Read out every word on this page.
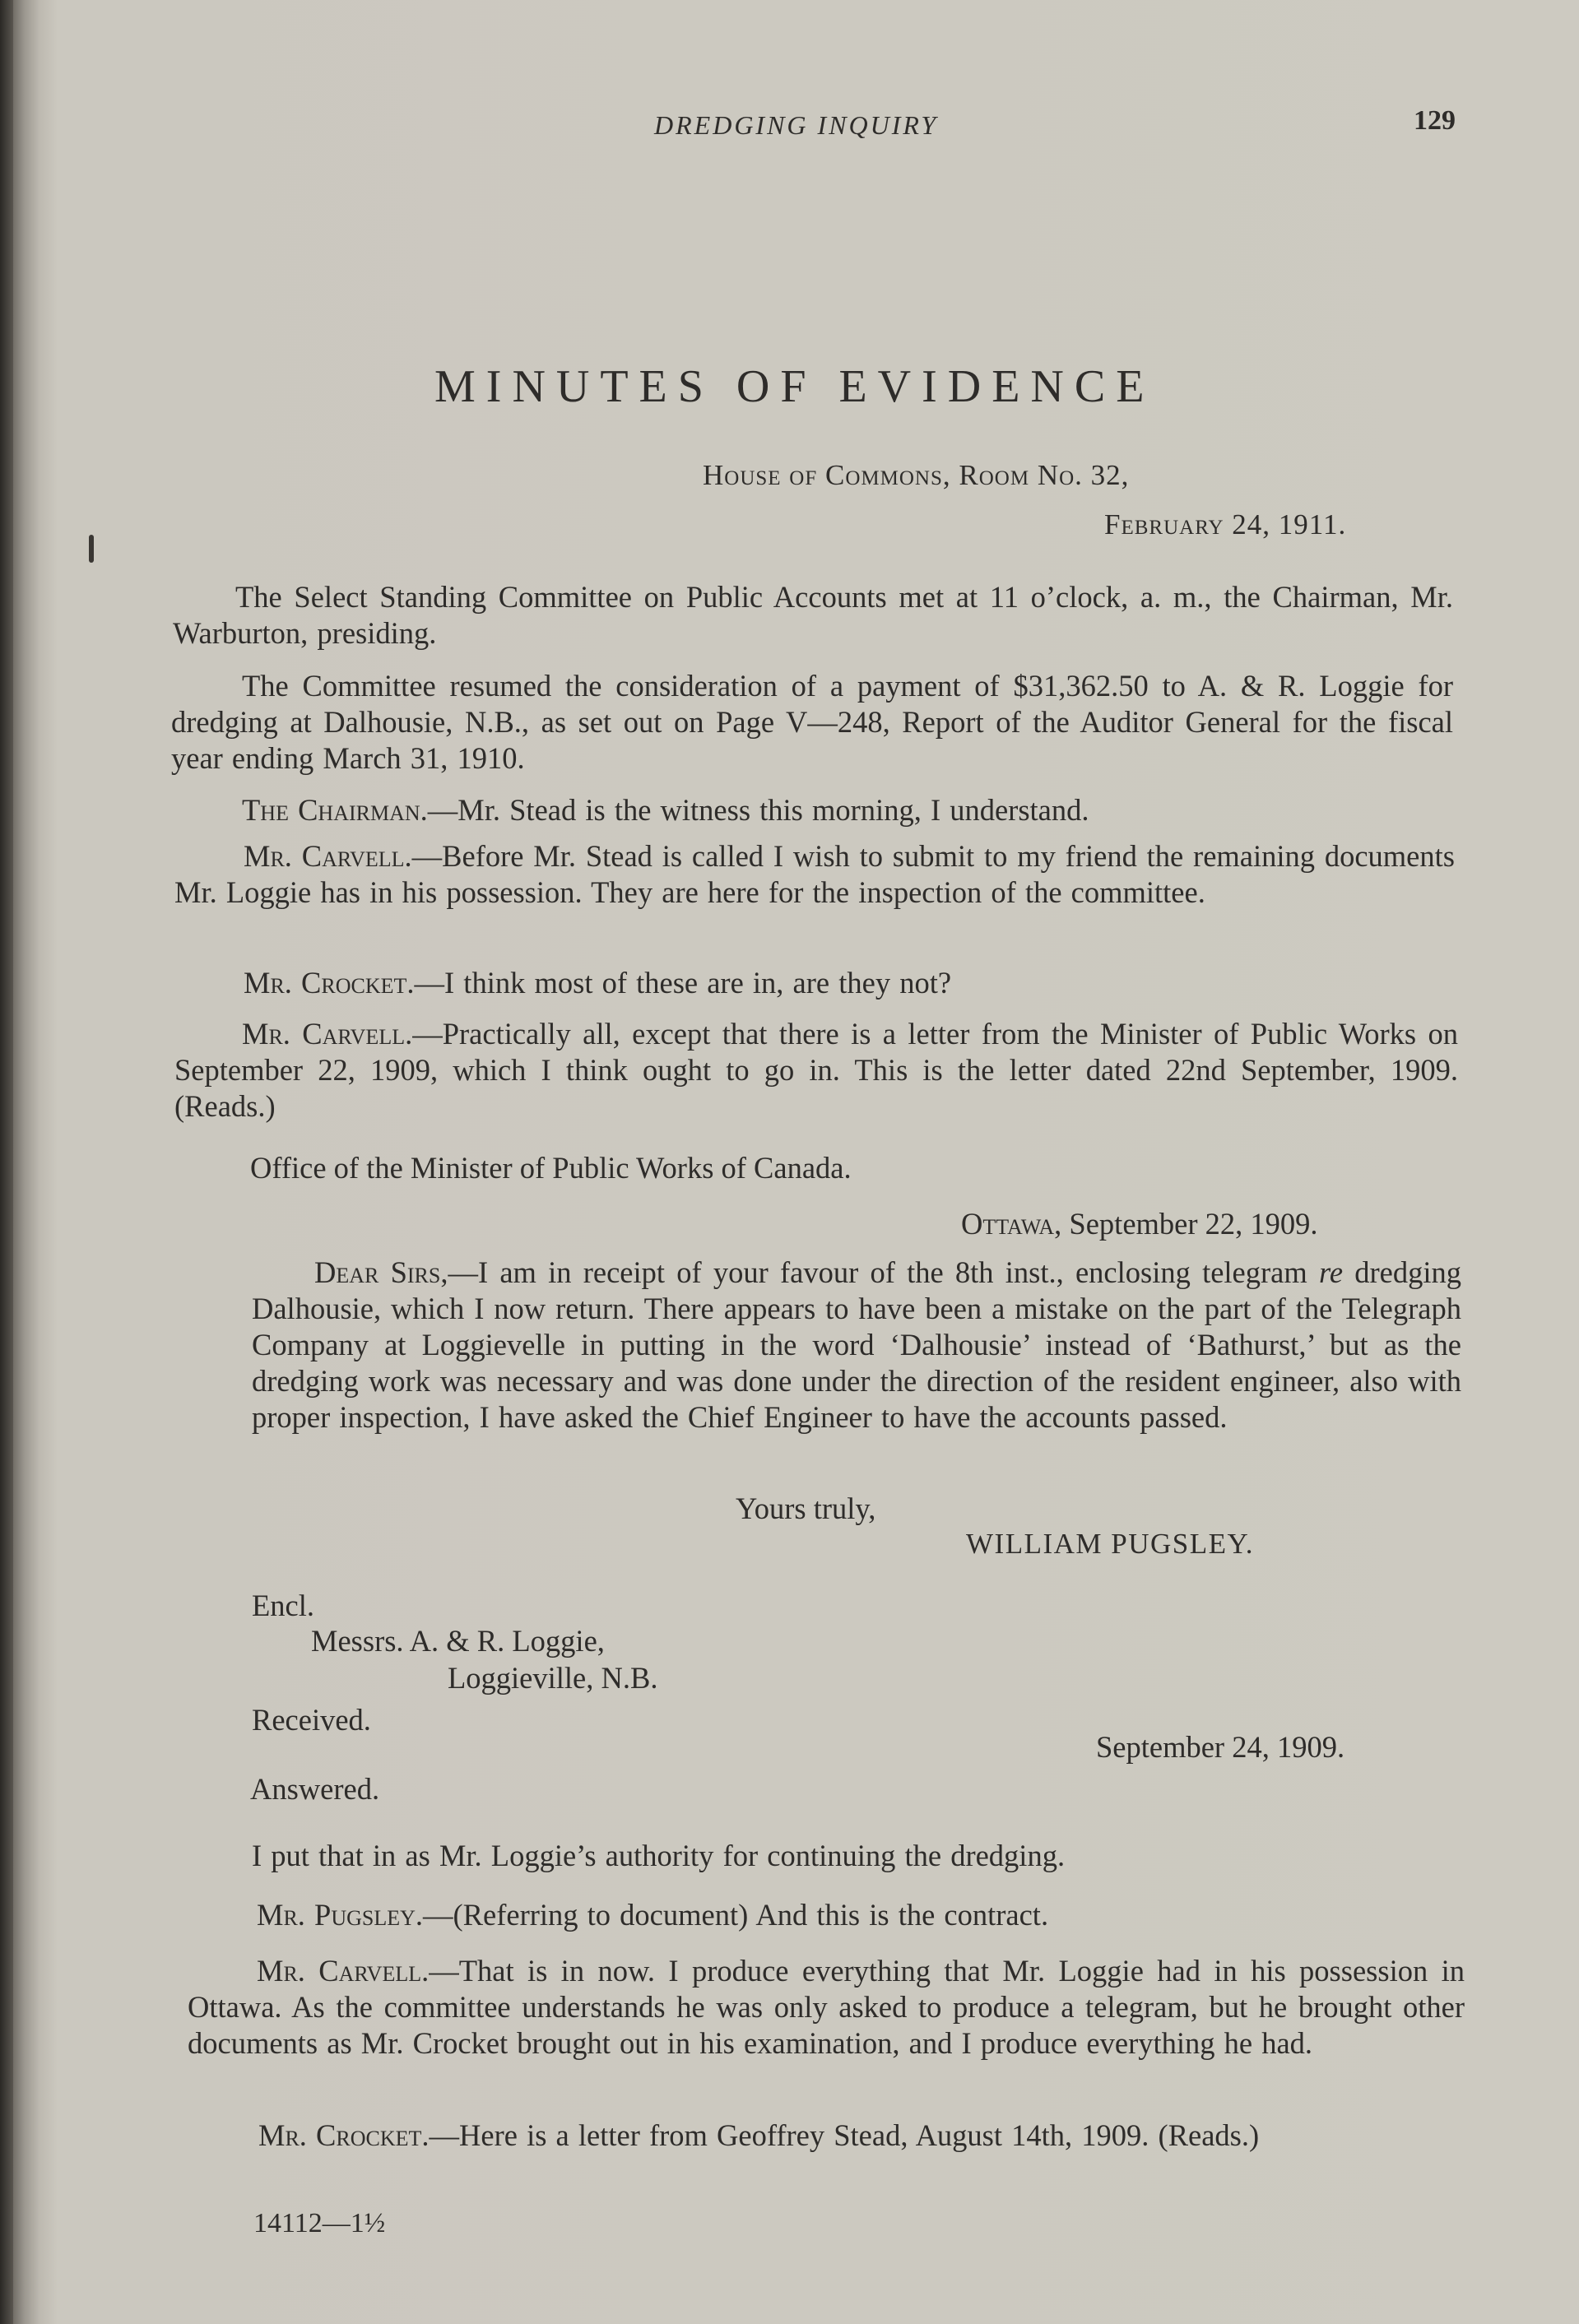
DREDGING INQUIRY	129
MINUTES OF EVIDENCE
House of Commons, Room No. 32,
February 24, 1911.

The Select Standing Committee on Public Accounts met at 11 o’clock, a. m., the Chairman, Mr. Warburton, presiding.

The Committee resumed the consideration of a payment of $31,362.50 to A. & R. Loggie for dredging at Dalhousie, N.B., as set out on Page V—248, Report of the Auditor General for the fiscal year ending March 31, 1910.

The Chairman.—Mr. Stead is the witness this morning, I understand.

Mr. Carvell.—Before Mr. Stead is called I wish to submit to my friend the remaining documents Mr. Loggie has in his possession. They are here for the inspection of the committee.

Mr. Crocket.—I think most of these are in, are they not?

Mr. Carvell.—Practically all, except that there is a letter from the Minister of Public Works on September 22, 1909, which I think ought to go in. This is the letter dated 22nd September, 1909. (Reads.)

Office of the Minister of Public Works of Canada.
Ottawa, September 22, 1909.

Dear Sirs,—I am in receipt of your favour of the 8th inst., enclosing telegram re dredging Dalhousie, which I now return. There appears to have been a mistake on the part of the Telegraph Company at Loggievelle in putting in the word ‘Dalhousie’ instead of ‘Bathurst,’ but as the dredging work was necessary and was done under the direction of the resident engineer, also with proper inspection, I have asked the Chief Engineer to have the accounts passed.

Yours truly,
WILLIAM PUGSLEY.
Encl.
Messrs. A. & R. Loggie,
Loggieville, N.B.
Received.
September 24, 1909.
Answered.

I put that in as Mr. Loggie’s authority for continuing the dredging.

Mr. Pugsley.—(Referring to document) And this is the contract.

Mr. Carvell.—That is in now. I produce everything that Mr. Loggie had in his possession in Ottawa. As the committee understands he was only asked to produce a telegram, but he brought other documents as Mr. Crocket brought out in his examination, and I produce everything he had.

Mr. Crocket.—Here is a letter from Geoffrey Stead, August 14th, 1909. (Reads.)

14112—1½
